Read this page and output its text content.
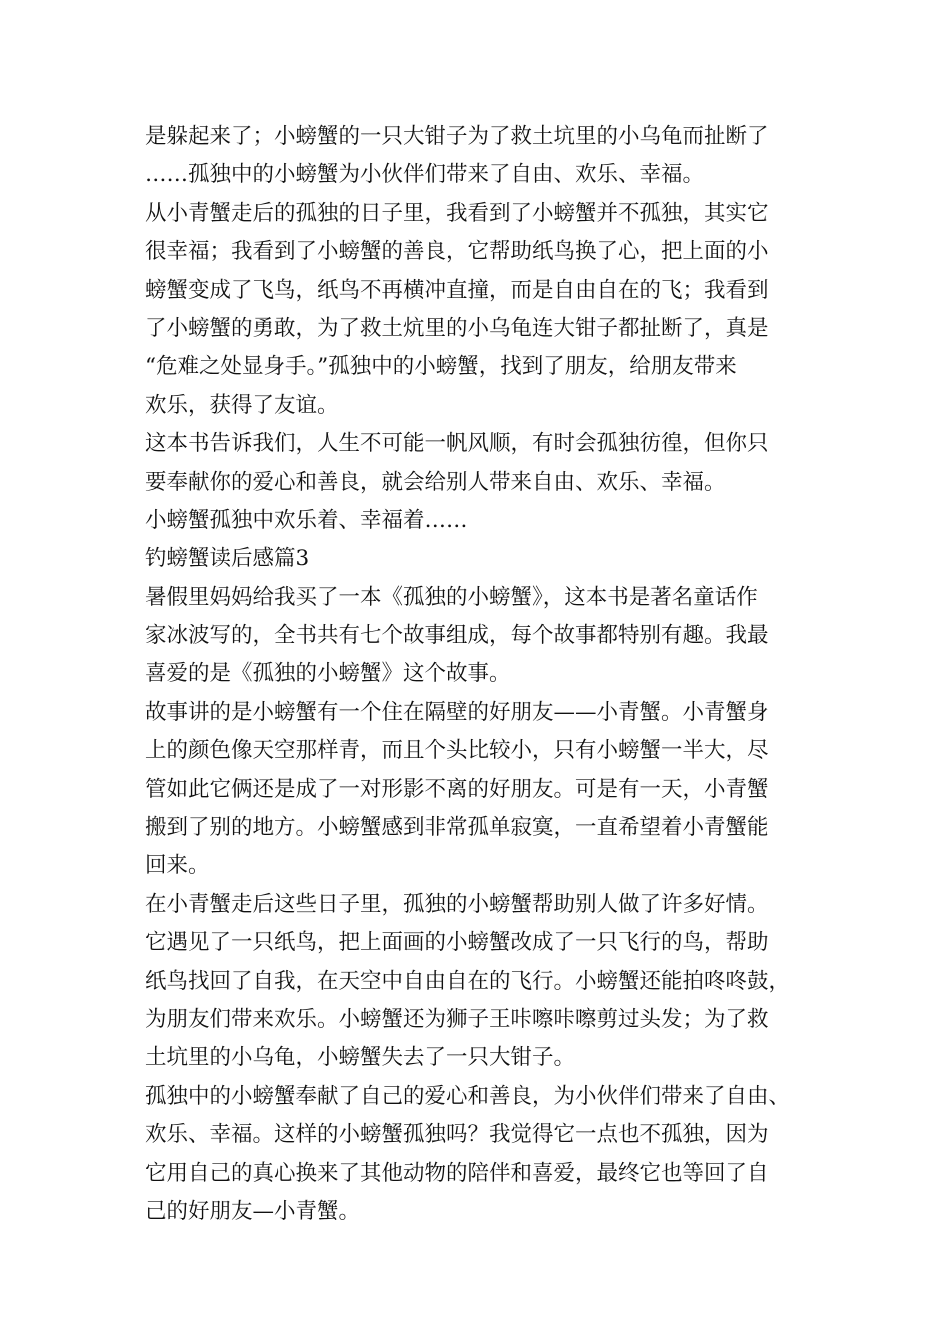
是躲起来了；小螃蟹的一只大钳子为了救土坑里的小乌龟而扯断了
……孤独中的小螃蟹为小伙伴们带来了自由、欢乐、幸福。
从小青蟹走后的孤独的日子里，我看到了小螃蟹并不孤独，其实它
很幸福；我看到了小螃蟹的善良，它帮助纸鸟换了心，把上面的小
螃蟹变成了飞鸟，纸鸟不再横冲直撞，而是自由自在的飞；我看到
了小螃蟹的勇敢，为了救土炕里的小乌龟连大钳子都扯断了，真是
“危难之处显身手。”孤独中的小螃蟹，找到了朋友，给朋友带来
欢乐，获得了友谊。
这本书告诉我们，人生不可能一帆风顺，有时会孤独彷徨，但你只
要奉献你的爱心和善良，就会给别人带来自由、欢乐、幸福。
小螃蟹孤独中欢乐着、幸福着……
钓螃蟹读后感篇3
暑假里妈妈给我买了一本《孤独的小螃蟹》，这本书是著名童话作
家冰波写的，全书共有七个故事组成，每个故事都特别有趣。我最
喜爱的是《孤独的小螃蟹》这个故事。
故事讲的是小螃蟹有一个住在隔壁的好朋友——小青蟹。小青蟹身
上的颜色像天空那样青，而且个头比较小，只有小螃蟹一半大，尽
管如此它俩还是成了一对形影不离的好朋友。可是有一天，小青蟹
搬到了别的地方。小螃蟹感到非常孤单寂寞，一直希望着小青蟹能
回来。
在小青蟹走后这些日子里，孤独的小螃蟹帮助别人做了许多好情。
它遇见了一只纸鸟，把上面画的小螃蟹改成了一只飞行的鸟，帮助
纸鸟找回了自我，在天空中自由自在的飞行。小螃蟹还能拍咚咚鼓，
为朋友们带来欢乐。小螃蟹还为狮子王咔嚓咔嚓剪过头发；为了救
土坑里的小乌龟，小螃蟹失去了一只大钳子。
孤独中的小螃蟹奉献了自己的爱心和善良，为小伙伴们带来了自由、
欢乐、幸福。这样的小螃蟹孤独吗？我觉得它一点也不孤独，因为
它用自己的真心换来了其他动物的陪伴和喜爱，最终它也等回了自
己的好朋友—小青蟹。
